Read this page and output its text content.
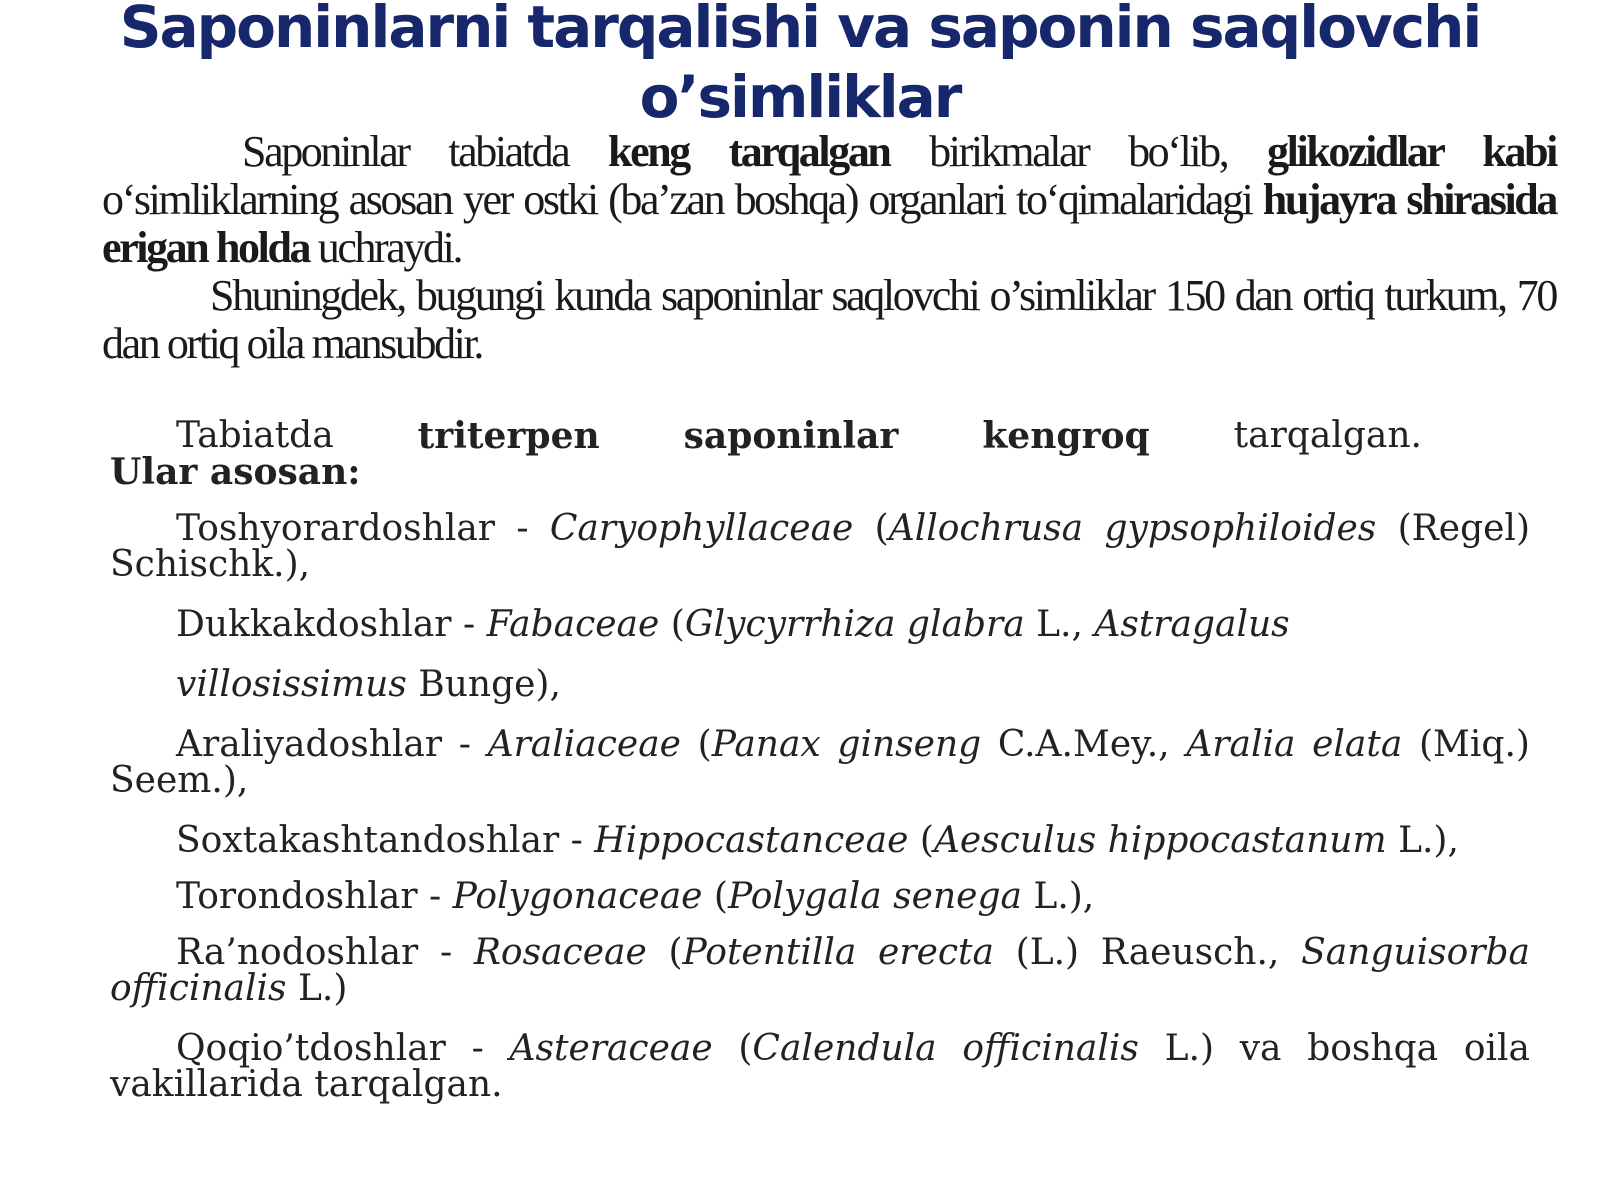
Saponinlarni tarqalishi va saponin saqlovchi
o’simliklar

Saponinlar tabiatda keng tarqalgan birikmalar bo‘lib, glikozidlar kabi o‘simliklarning asosan yer ostki (ba’zan boshqa) organlari to‘qimalaridagi hujayra shirasida erigan holda uchraydi.

Shuningdek, bugungi kunda saponinlar saqlovchi o’simliklar 150 dan ortiq turkum, 70 dan ortiq oila mansubdir.

Tabiatda triterpen saponinlar kengroq tarqalgan.
Ular asosan:

Toshyorardoshlar - Caryophyllaceae (Allochrusa gypsophiloides (Regel) Schischk.),

Dukkakdoshlar - Fabaceae (Glycyrrhiza glabra L., Astragalus
villosissimus Bunge),

Araliyadoshlar - Araliaceae (Panax ginseng C.A.Mey., Aralia elata (Miq.) Seem.),

Soxtakashtandoshlar - Hippocastanceae (Aesculus hippocastanum L.),

Torondoshlar - Polygonaceae (Polygala senega L.),

Ra’nodoshlar - Rosaceae (Potentilla erecta (L.) Raeusch., Sanguisorba officinalis L.)

Qoqio’tdoshlar - Asteraceae (Calendula officinalis L.) va boshqa oila vakillarida tarqalgan.
